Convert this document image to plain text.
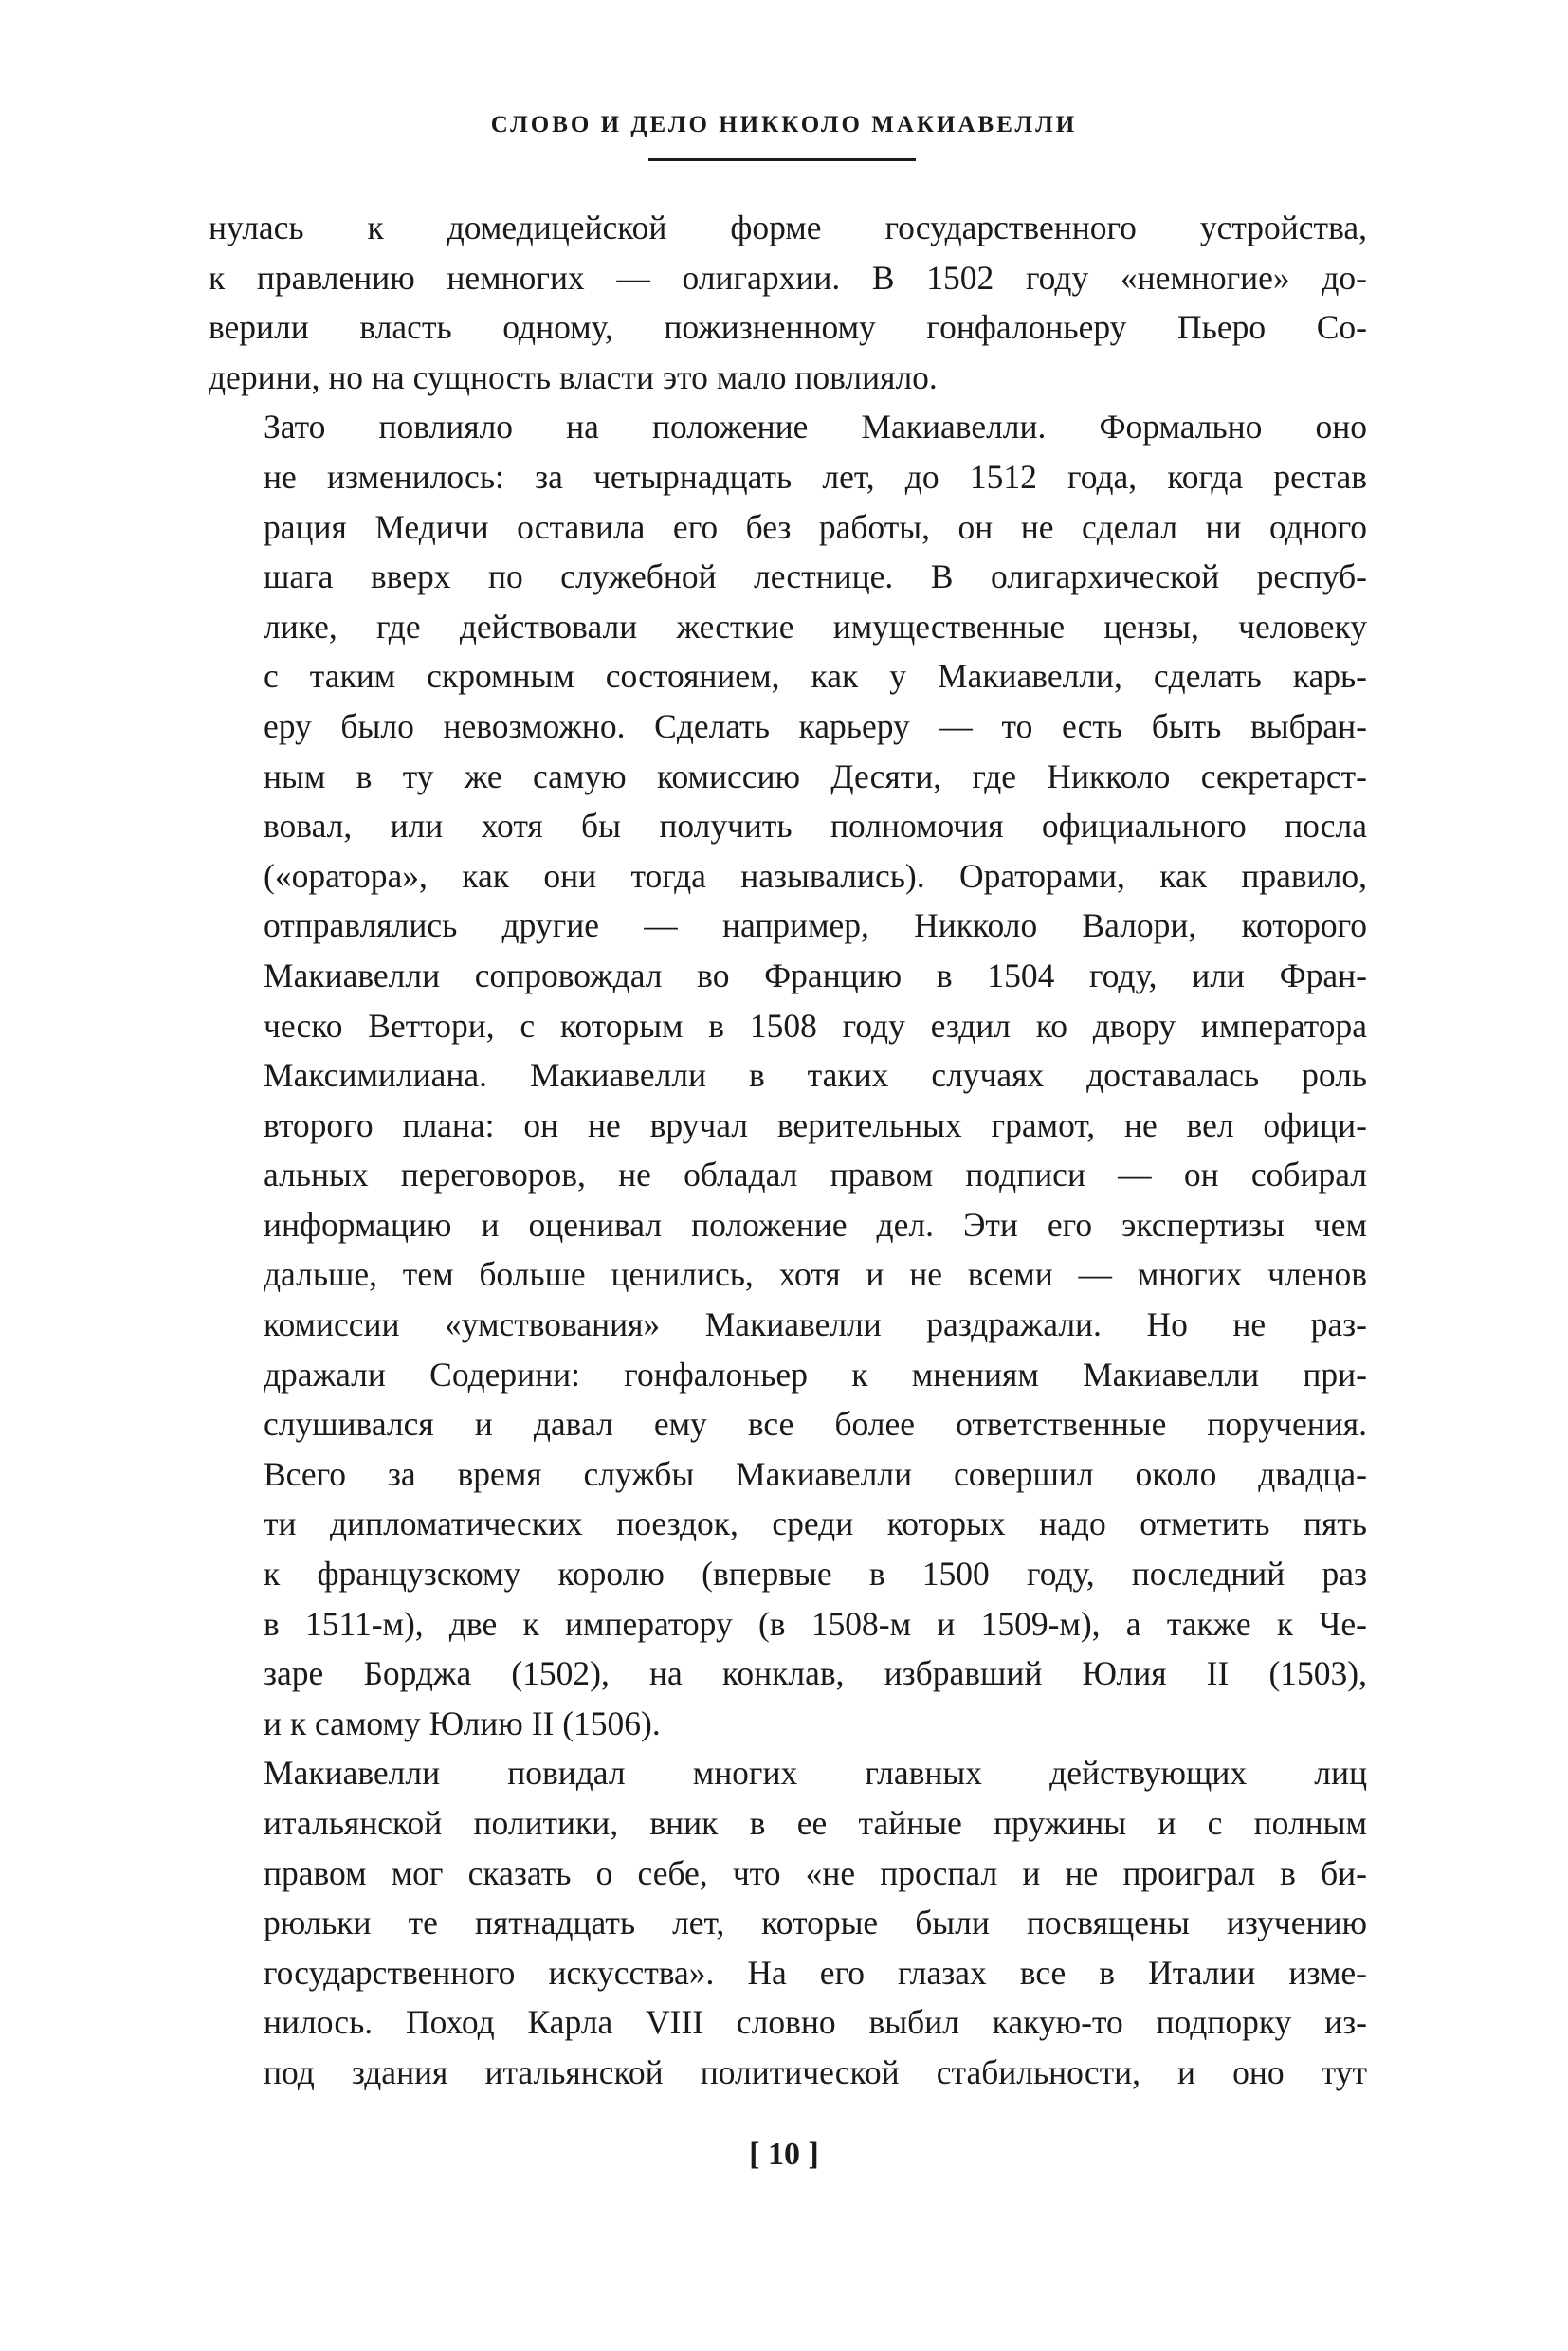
СЛОВО И ДЕЛО НИККОЛО МАКИАВЕЛЛИ

нулась к домедицейской форме государственного устройства,
к правлению немногих — олигархии. В 1502 году «немногие» до-
верили власть одному, пожизненному гонфалоньеру Пьеро Со-
дерини, но на сущность власти это мало повлияло.

Зато повлияло на положение Макиавелли. Формально оно
не изменилось: за четырнадцать лет, до 1512 года, когда рестав
рация Медичи оставила его без работы, он не сделал ни одного
шага вверх по служебной лестнице. В олигархической респуб-
лике, где действовали жесткие имущественные цензы, человеку
с таким скромным состоянием, как у Макиавелли, сделать карь-
еру было невозможно. Сделать карьеру — то есть быть выбран-
ным в ту же самую комиссию Десяти, где Никколо секретарст-
вовал, или хотя бы получить полномочия официального посла
(«оратора», как они тогда назывались). Ораторами, как правило,
отправлялись другие — например, Никколо Валори, которого
Макиавелли сопровождал во Францию в 1504 году, или Фран-
ческо Веттори, с которым в 1508 году ездил ко двору императора
Максимилиана. Макиавелли в таких случаях доставалась роль
второго плана: он не вручал верительных грамот, не вел офици-
альных переговоров, не обладал правом подписи — он собирал
информацию и оценивал положение дел. Эти его экспертизы чем
дальше, тем больше ценились, хотя и не всеми — многих членов
комиссии «умствования» Макиавелли раздражали. Но не раз-
дражали Содерини: гонфалоньер к мнениям Макиавелли при-
слушивался и давал ему все более ответственные поручения.
Всего за время службы Макиавелли совершил около двадца-
ти дипломатических поездок, среди которых надо отметить пять
к французскому королю (впервые в 1500 году, последний раз
в 1511-м), две к императору (в 1508-м и 1509-м), а также к Че-
заре Борджа (1502), на конклав, избравший Юлия II (1503),
и к самому Юлию II (1506).

Макиавелли повидал многих главных действующих лиц
итальянской политики, вник в ее тайные пружины и с полным
правом мог сказать о себе, что «не проспал и не проиграл в би-
рюльки те пятнадцать лет, которые были посвящены изучению
государственного искусства». На его глазах все в Италии изме-
нилось. Поход Карла VIII словно выбил какую-то подпорку из-
под здания итальянской политической стабильности, и оно тут

[ 10 ]
